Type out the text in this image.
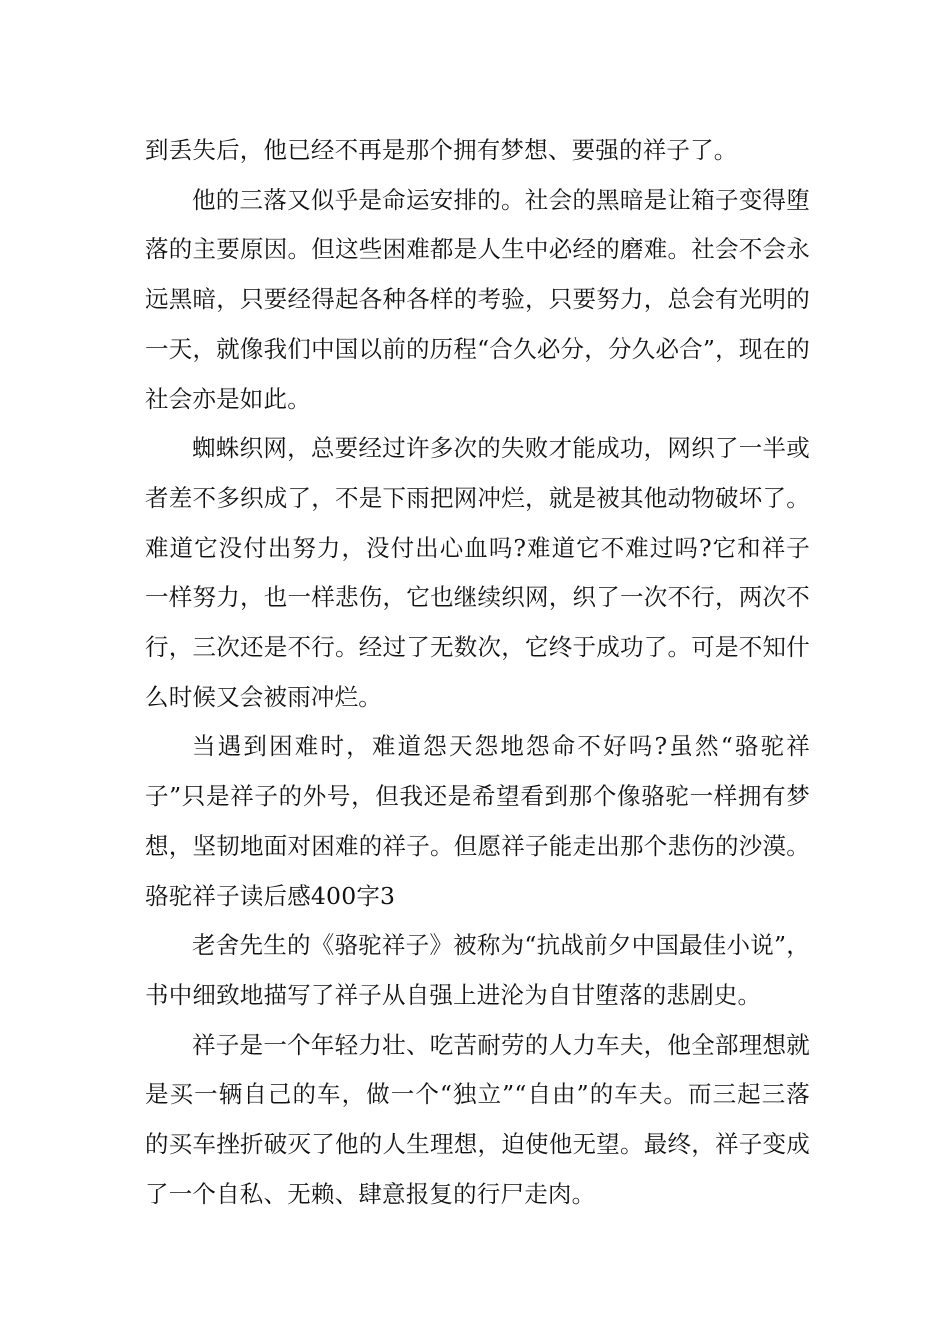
到丢失后，他已经不再是那个拥有梦想、要强的祥子了。

他的三落又似乎是命运安排的。社会的黑暗是让箱子变得堕落的主要原因。但这些困难都是人生中必经的磨难。社会不会永远黑暗，只要经得起各种各样的考验，只要努力，总会有光明的一天，就像我们中国以前的历程“合久必分，分久必合”，现在的社会亦是如此。

蜘蛛织网，总要经过许多次的失败才能成功，网织了一半或者差不多织成了，不是下雨把网冲烂，就是被其他动物破坏了。难道它没付出努力，没付出心血吗?难道它不难过吗?它和祥子一样努力，也一样悲伤，它也继续织网，织了一次不行，两次不行，三次还是不行。经过了无数次，它终于成功了。可是不知什么时候又会被雨冲烂。

当遇到困难时，难道怨天怨地怨命不好吗?虽然“骆驼祥子”只是祥子的外号，但我还是希望看到那个像骆驼一样拥有梦想，坚韧地面对困难的祥子。但愿祥子能走出那个悲伤的沙漠。骆驼祥子读后感400字3

老舍先生的《骆驼祥子》被称为“抗战前夕中国最佳小说”，书中细致地描写了祥子从自强上进沦为自甘堕落的悲剧史。

祥子是一个年轻力壮、吃苦耐劳的人力车夫，他全部理想就是买一辆自己的车，做一个“独立”“自由”的车夫。而三起三落的买车挫折破灭了他的人生理想，迫使他无望。最终，祥子变成了一个自私、无赖、肆意报复的行尸走肉。
